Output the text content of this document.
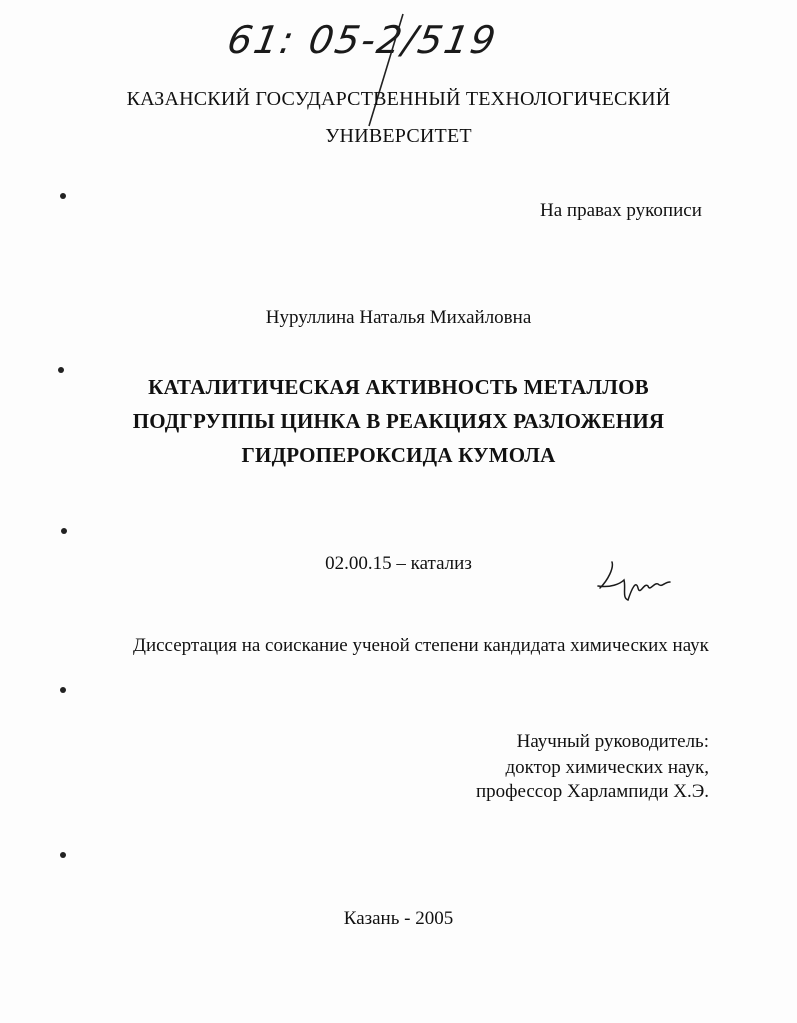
61: 05-2/519
КАЗАНСКИЙ ГОСУДАРСТВЕННЫЙ ТЕХНОЛОГИЧЕСКИЙ
УНИВЕРСИТЕТ
На правах рукописи
Нуруллина Наталья Михайловна
КАТАЛИТИЧЕСКАЯ АКТИВНОСТЬ МЕТАЛЛОВ
ПОДГРУППЫ ЦИНКА В РЕАКЦИЯХ РАЗЛОЖЕНИЯ
ГИДРОПЕРОКСИДА КУМОЛА
02.00.15 – катализ
Диссертация на соискание ученой степени кандидата химических наук
Научный руководитель:
доктор химических наук,
профессор Харлампиди Х.Э.
Казань - 2005
